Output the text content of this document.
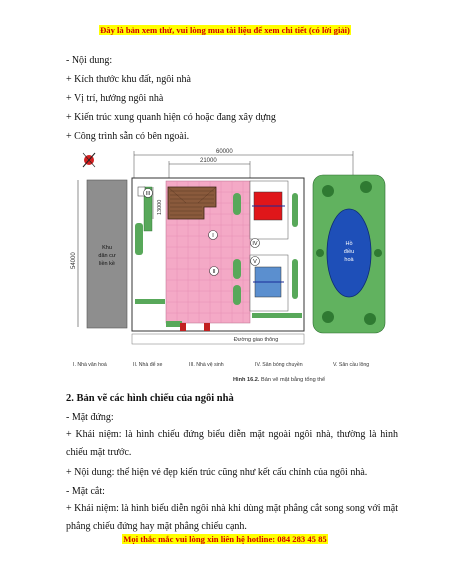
Đây là bản xem thử, vui lòng mua tài liệu để xem chi tiết (có lời giải)
- Nội dung:
+ Kích thước khu đất, ngôi nhà
+ Vị trí, hướng ngôi nhà
+ Kiến trúc xung quanh hiện có hoặc đang xây dựng
+ Công trình sẵn có bên ngoài.
60000
21000
54000
Khu
dân cư
liền kề
13000
I
II
III
IV
V
Đường giao thông
Hồ
điều
hoà
I. Nhà văn hoá	II. Nhà để xe	III. Nhà vệ sinh	IV. Sân bóng chuyền	V. Sân cầu lông
Hình 16.2. Bản vẽ mặt bằng tổng thể
2. Bản vẽ các hình chiếu của ngôi nhà
- Mặt đứng:
+ Khái niệm: là hình chiếu đứng biểu diễn mặt ngoài ngôi nhà, thường là hình chiếu mặt trước.
+ Nội dung: thể hiện vẻ đẹp kiến trúc cũng như kết cấu chính của ngôi nhà.
- Mặt cắt:
+ Khái niệm: là hình biểu diễn ngôi nhà khi dùng mặt phẳng cắt song song với mặt phẳng chiếu đứng hay mặt phẳng chiếu cạnh.
Mọi thắc mắc vui lòng xin liên hệ hotline: 084 283 45 85
